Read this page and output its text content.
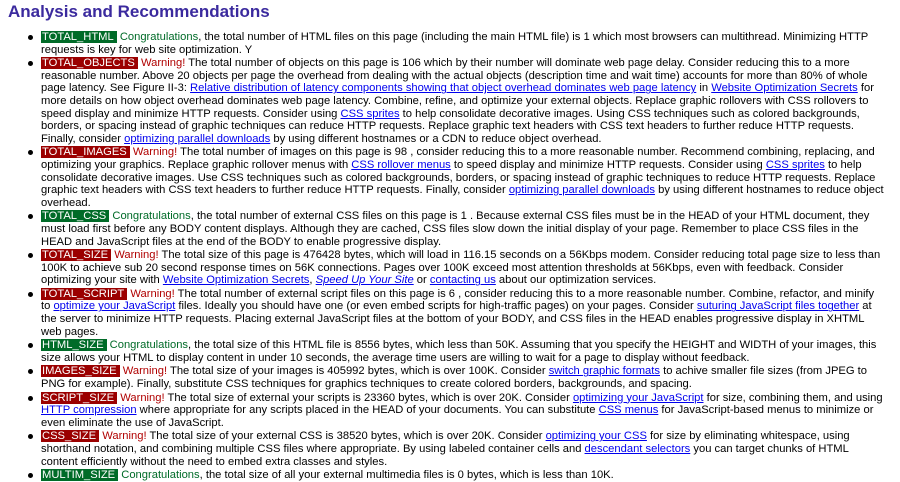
Analysis and Recommendations
TOTAL_HTML Congratulations, the total number of HTML files on this page (including the main HTML file) is 1 which most browsers can multithread. Minimizing HTTP requests is key for web site optimization. Y
TOTAL_OBJECTS Warning! The total number of objects on this page is 106 which by their number will dominate web page delay. Consider reducing this to a more reasonable number. Above 20 objects per page the overhead from dealing with the actual objects (description time and wait time) accounts for more than 80% of whole page latency. See Figure II-3: Relative distribution of latency components showing that object overhead dominates web page latency in Website Optimization Secrets for more details on how object overhead dominates web page latency. Combine, refine, and optimize your external objects. Replace graphic rollovers with CSS rollovers to speed display and minimize HTTP requests. Consider using CSS sprites to help consolidate decorative images. Using CSS techniques such as colored backgrounds, borders, or spacing instead of graphic techniques can reduce HTTP requests. Replace graphic text headers with CSS text headers to further reduce HTTP requests. Finally, consider optimizing parallel downloads by using different hostnames or a CDN to reduce object overhead.
TOTAL_IMAGES Warning! The total number of images on this page is 98 , consider reducing this to a more reasonable number. Recommend combining, replacing, and optimizing your graphics. Replace graphic rollover menus with CSS rollover menus to speed display and minimize HTTP requests. Consider using CSS sprites to help consolidate decorative images. Use CSS techniques such as colored backgrounds, borders, or spacing instead of graphic techniques to reduce HTTP requests. Replace graphic text headers with CSS text headers to further reduce HTTP requests. Finally, consider optimizing parallel downloads by using different hostnames to reduce object overhead.
TOTAL_CSS Congratulations, the total number of external CSS files on this page is 1 . Because external CSS files must be in the HEAD of your HTML document, they must load first before any BODY content displays. Although they are cached, CSS files slow down the initial display of your page. Remember to place CSS files in the HEAD and JavaScript files at the end of the BODY to enable progressive display.
TOTAL_SIZE Warning! The total size of this page is 476428 bytes, which will load in 116.15 seconds on a 56Kbps modem. Consider reducing total page size to less than 100K to achieve sub 20 second response times on 56K connections. Pages over 100K exceed most attention thresholds at 56Kbps, even with feedback. Consider optimizing your site with Website Optimization Secrets, Speed Up Your Site or contacting us about our optimization services.
TOTAL_SCRIPT Warning! The total number of external script files on this page is 6 , consider reducing this to a more reasonable number. Combine, refactor, and minify to optimize your JavaScript files. Ideally you should have one (or even embed scripts for high-traffic pages) on your pages. Consider suturing JavaScript files together at the server to minimize HTTP requests. Placing external JavaScript files at the bottom of your BODY, and CSS files in the HEAD enables progressive display in XHTML web pages.
HTML_SIZE Congratulations, the total size of this HTML file is 8556 bytes, which less than 50K. Assuming that you specify the HEIGHT and WIDTH of your images, this size allows your HTML to display content in under 10 seconds, the average time users are willing to wait for a page to display without feedback.
IMAGES_SIZE Warning! The total size of your images is 405992 bytes, which is over 100K. Consider switch graphic formats to achive smaller file sizes (from JPEG to PNG for example). Finally, substitute CSS techniques for graphics techniques to create colored borders, backgrounds, and spacing.
SCRIPT_SIZE Warning! The total size of external your scripts is 23360 bytes, which is over 20K. Consider optimizing your JavaScript for size, combining them, and using HTTP compression where appropriate for any scripts placed in the HEAD of your documents. You can substitute CSS menus for JavaScript-based menus to minimize or even eliminate the use of JavaScript.
CSS_SIZE Warning! The total size of your external CSS is 38520 bytes, which is over 20K. Consider optimizing your CSS for size by eliminating whitespace, using shorthand notation, and combining multiple CSS files where appropriate. By using labeled container cells and descendant selectors you can target chunks of HTML content efficiently without the need to embed extra classes and styles.
MULTIM_SIZE Congratulations, the total size of all your external multimedia files is 0 bytes, which is less than 10K.
